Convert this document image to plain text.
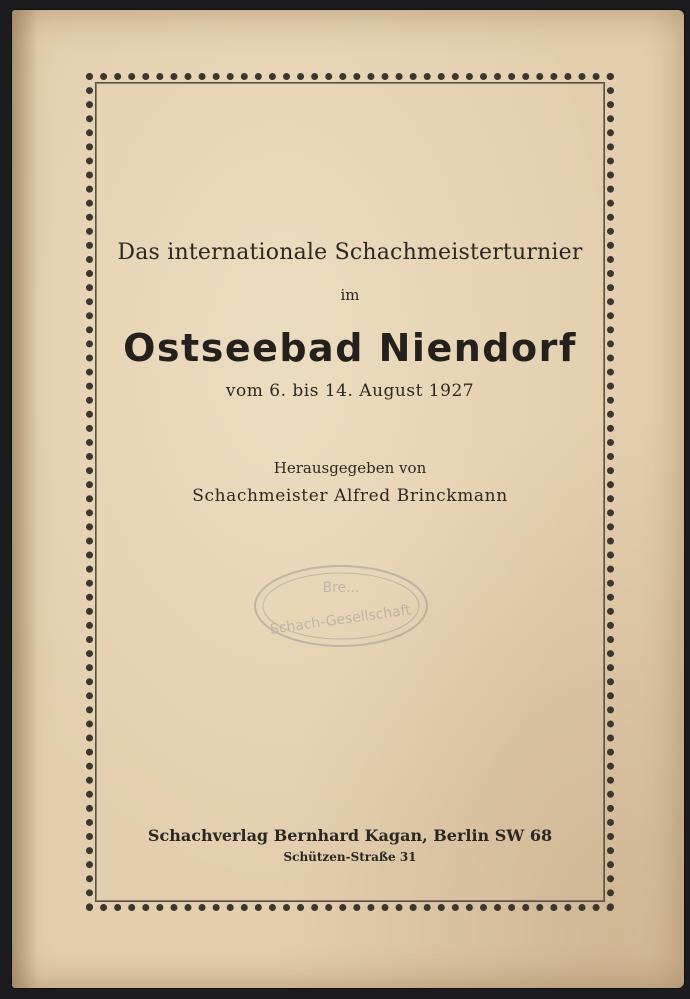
Das internationale Schachmeisterturnier
im
Ostseebad Niendorf
vom 6. bis 14. August 1927
Herausgegeben von
Schachmeister Alfred Brinckmann
Schachverlag Bernhard Kagan, Berlin SW 68
Schützen-Straße 31
Bre...
Schach-Gesellschaft
